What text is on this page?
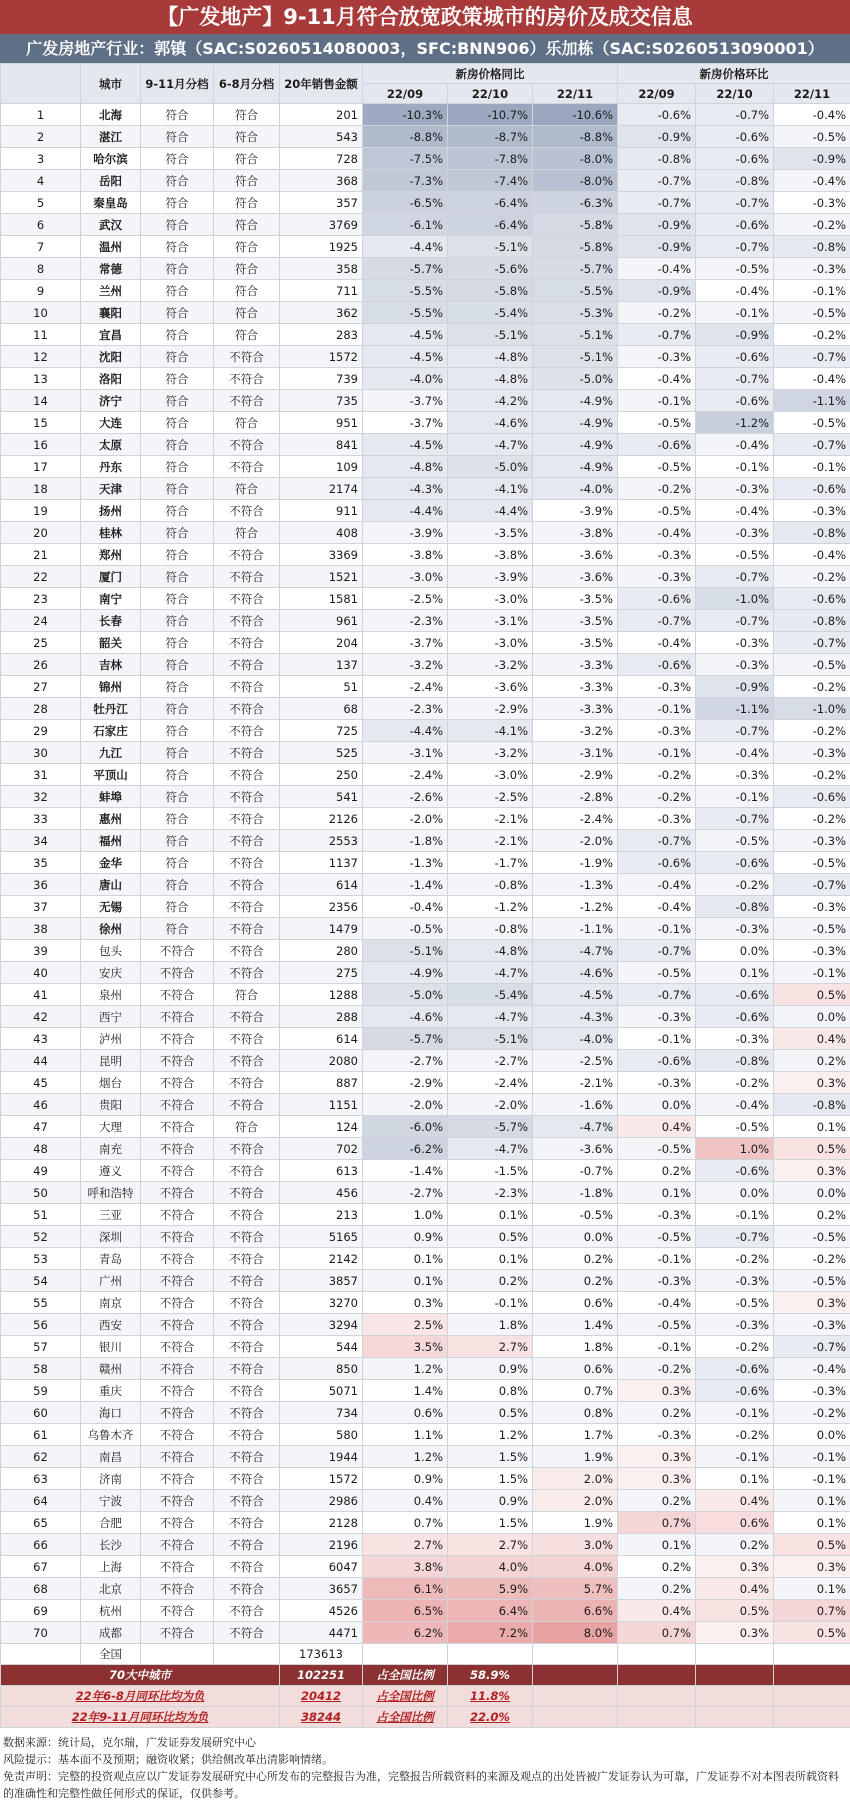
【广发地产】9-11月符合放宽政策城市的房价及成交信息
广发房地产行业：郭镇（SAC:S0260514080003，SFC:BNN906）乐加栋（SAC:S0260513090001）
	城市	9-11月分档	6-8月分档	20年销售金额	新房价格同比			新房价格环比		
					22/09	22/10	22/11	22/09	22/10	22/11
1	北海	符合	符合	201	-10.3%	-10.7%	-10.6%	-0.6%	-0.7%	-0.4%
2	湛江	符合	符合	543	-8.8%	-8.7%	-8.8%	-0.9%	-0.6%	-0.5%
3	哈尔滨	符合	符合	728	-7.5%	-7.8%	-8.0%	-0.8%	-0.6%	-0.9%
4	岳阳	符合	符合	368	-7.3%	-7.4%	-8.0%	-0.7%	-0.8%	-0.4%
5	秦皇岛	符合	符合	357	-6.5%	-6.4%	-6.3%	-0.7%	-0.7%	-0.3%
6	武汉	符合	符合	3769	-6.1%	-6.4%	-5.8%	-0.9%	-0.6%	-0.2%
7	温州	符合	符合	1925	-4.4%	-5.1%	-5.8%	-0.9%	-0.7%	-0.8%
8	常德	符合	符合	358	-5.7%	-5.6%	-5.7%	-0.4%	-0.5%	-0.3%
9	兰州	符合	符合	711	-5.5%	-5.8%	-5.5%	-0.9%	-0.4%	-0.1%
10	襄阳	符合	符合	362	-5.5%	-5.4%	-5.3%	-0.2%	-0.1%	-0.5%
11	宜昌	符合	符合	283	-4.5%	-5.1%	-5.1%	-0.7%	-0.9%	-0.2%
12	沈阳	符合	不符合	1572	-4.5%	-4.8%	-5.1%	-0.3%	-0.6%	-0.7%
13	洛阳	符合	不符合	739	-4.0%	-4.8%	-5.0%	-0.4%	-0.7%	-0.4%
14	济宁	符合	不符合	735	-3.7%	-4.2%	-4.9%	-0.1%	-0.6%	-1.1%
15	大连	符合	符合	951	-3.7%	-4.6%	-4.9%	-0.5%	-1.2%	-0.5%
16	太原	符合	不符合	841	-4.5%	-4.7%	-4.9%	-0.6%	-0.4%	-0.7%
17	丹东	符合	不符合	109	-4.8%	-5.0%	-4.9%	-0.5%	-0.1%	-0.1%
18	天津	符合	符合	2174	-4.3%	-4.1%	-4.0%	-0.2%	-0.3%	-0.6%
19	扬州	符合	不符合	911	-4.4%	-4.4%	-3.9%	-0.5%	-0.4%	-0.3%
20	桂林	符合	符合	408	-3.9%	-3.5%	-3.8%	-0.4%	-0.3%	-0.8%
21	郑州	符合	不符合	3369	-3.8%	-3.8%	-3.6%	-0.3%	-0.5%	-0.4%
22	厦门	符合	不符合	1521	-3.0%	-3.9%	-3.6%	-0.3%	-0.7%	-0.2%
23	南宁	符合	不符合	1581	-2.5%	-3.0%	-3.5%	-0.6%	-1.0%	-0.6%
24	长春	符合	不符合	961	-2.3%	-3.1%	-3.5%	-0.7%	-0.7%	-0.8%
25	韶关	符合	不符合	204	-3.7%	-3.0%	-3.5%	-0.4%	-0.3%	-0.7%
26	吉林	符合	不符合	137	-3.2%	-3.2%	-3.3%	-0.6%	-0.3%	-0.5%
27	锦州	符合	不符合	51	-2.4%	-3.6%	-3.3%	-0.3%	-0.9%	-0.2%
28	牡丹江	符合	不符合	68	-2.3%	-2.9%	-3.3%	-0.1%	-1.1%	-1.0%
29	石家庄	符合	不符合	725	-4.4%	-4.1%	-3.2%	-0.3%	-0.7%	-0.2%
30	九江	符合	不符合	525	-3.1%	-3.2%	-3.1%	-0.1%	-0.4%	-0.3%
31	平顶山	符合	不符合	250	-2.4%	-3.0%	-2.9%	-0.2%	-0.3%	-0.2%
32	蚌埠	符合	不符合	541	-2.6%	-2.5%	-2.8%	-0.2%	-0.1%	-0.6%
33	惠州	符合	不符合	2126	-2.0%	-2.1%	-2.4%	-0.3%	-0.7%	-0.2%
34	福州	符合	不符合	2553	-1.8%	-2.1%	-2.0%	-0.7%	-0.5%	-0.3%
35	金华	符合	不符合	1137	-1.3%	-1.7%	-1.9%	-0.6%	-0.6%	-0.5%
36	唐山	符合	不符合	614	-1.4%	-0.8%	-1.3%	-0.4%	-0.2%	-0.7%
37	无锡	符合	不符合	2356	-0.4%	-1.2%	-1.2%	-0.4%	-0.8%	-0.3%
38	徐州	符合	不符合	1479	-0.5%	-0.8%	-1.1%	-0.1%	-0.3%	-0.5%
39	包头	不符合	不符合	280	-5.1%	-4.8%	-4.7%	-0.7%	0.0%	-0.3%
40	安庆	不符合	不符合	275	-4.9%	-4.7%	-4.6%	-0.5%	0.1%	-0.1%
41	泉州	不符合	符合	1288	-5.0%	-5.4%	-4.5%	-0.7%	-0.6%	0.5%
42	西宁	不符合	不符合	288	-4.6%	-4.7%	-4.3%	-0.3%	-0.6%	0.0%
43	泸州	不符合	不符合	614	-5.7%	-5.1%	-4.0%	-0.1%	-0.3%	0.4%
44	昆明	不符合	不符合	2080	-2.7%	-2.7%	-2.5%	-0.6%	-0.8%	0.2%
45	烟台	不符合	不符合	887	-2.9%	-2.4%	-2.1%	-0.3%	-0.2%	0.3%
46	贵阳	不符合	不符合	1151	-2.0%	-2.0%	-1.6%	0.0%	-0.4%	-0.8%
47	大理	不符合	符合	124	-6.0%	-5.7%	-4.7%	0.4%	-0.5%	0.1%
48	南充	不符合	不符合	702	-6.2%	-4.7%	-3.6%	-0.5%	1.0%	0.5%
49	遵义	不符合	不符合	613	-1.4%	-1.5%	-0.7%	0.2%	-0.6%	0.3%
50	呼和浩特	不符合	不符合	456	-2.7%	-2.3%	-1.8%	0.1%	0.0%	0.0%
51	三亚	不符合	不符合	213	1.0%	0.1%	-0.5%	-0.3%	-0.1%	0.2%
52	深圳	不符合	不符合	5165	0.9%	0.5%	0.0%	-0.5%	-0.7%	-0.5%
53	青岛	不符合	不符合	2142	0.1%	0.1%	0.2%	-0.1%	-0.2%	-0.2%
54	广州	不符合	不符合	3857	0.1%	0.2%	0.2%	-0.3%	-0.3%	-0.5%
55	南京	不符合	不符合	3270	0.3%	-0.1%	0.6%	-0.4%	-0.5%	0.3%
56	西安	不符合	不符合	3294	2.5%	1.8%	1.4%	-0.5%	-0.3%	-0.3%
57	银川	不符合	不符合	544	3.5%	2.7%	1.8%	-0.1%	-0.2%	-0.7%
58	赣州	不符合	不符合	850	1.2%	0.9%	0.6%	-0.2%	-0.6%	-0.4%
59	重庆	不符合	不符合	5071	1.4%	0.8%	0.7%	0.3%	-0.6%	-0.3%
60	海口	不符合	不符合	734	0.6%	0.5%	0.8%	0.2%	-0.1%	-0.2%
61	乌鲁木齐	不符合	不符合	580	1.1%	1.2%	1.7%	-0.3%	-0.2%	0.0%
62	南昌	不符合	不符合	1944	1.2%	1.5%	1.9%	0.3%	-0.1%	-0.1%
63	济南	不符合	不符合	1572	0.9%	1.5%	2.0%	0.3%	0.1%	-0.1%
64	宁波	不符合	不符合	2986	0.4%	0.9%	2.0%	0.2%	0.4%	0.1%
65	合肥	不符合	不符合	2128	0.7%	1.5%	1.9%	0.7%	0.6%	0.1%
66	长沙	不符合	不符合	2196	2.7%	2.7%	3.0%	0.1%	0.2%	0.5%
67	上海	不符合	不符合	6047	3.8%	4.0%	4.0%	0.2%	0.3%	0.3%
68	北京	不符合	不符合	3657	6.1%	5.9%	5.7%	0.2%	0.4%	0.1%
69	杭州	不符合	不符合	4526	6.5%	6.4%	6.6%	0.4%	0.5%	0.7%
70	成都	不符合	不符合	4471	6.2%	7.2%	8.0%	0.7%	0.3%	0.5%
	全国			173613						
70大中城市				102251	占全国比例	58.9%				
22年6-8月同环比均为负				20412	占全国比例	11.8%				
22年9-11月同环比均为负				38244	占全国比例	22.0%				
数据来源：统计局，克尔瑞，广发证券发展研究中心
风险提示：基本面不及预期；融资收紧；供给侧改革出清影响情绪。
免责声明：完整的投资观点应以广发证券发展研究中心所发布的完整报告为准，完整报告所载资料的来源及观点的出处皆被广发证券认为可靠，广发证券不对本图表所载资料的准确性和完整性做任何形式的保证，仅供参考。
